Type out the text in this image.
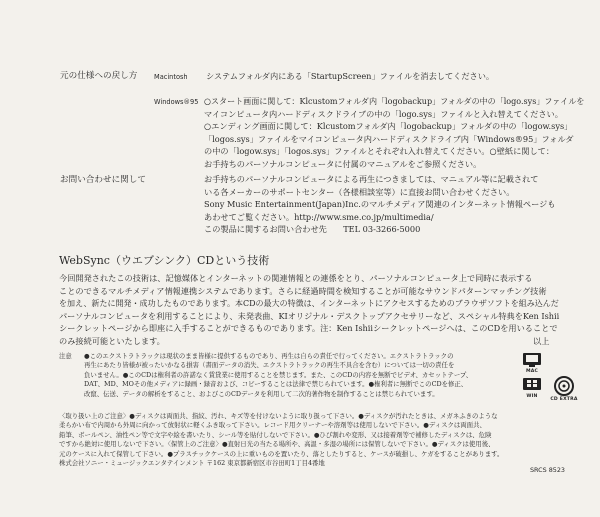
元の仕様への戻し方	Macintosh システムフォルダ内にある「StartupScreen」ファイルを消去してください。
Windows®95 ○スタート画面に関して：Klcustomフォルダ内「logobackup」フォルダの中の「logo.sys」ファイルを
マイコンピュータ内ハードディスクドライブの中の「logo.sys」ファイルと入れ替えてください。
○エンディング画面に関して：Klcustomフォルダ内「logobackup」フォルダの中の「logow.sys」
「logos.sys」ファイルをマイコンピュータ内ハードディスクドライブ内「Windows®95」フォルダ
の中の「logow.sys」「logos.sys」ファイルとそれぞれ入れ替えてください。○壁紙に関して：
お手持ちのパーソナルコンピュータに付属のマニュアルをご参照ください。
お問い合わせに関して	お手持ちのパーソナルコンピュータによる再生につきましては、マニュアル等に記載されて
いる各メーカーのサポートセンター（各様相談室等）に直接お問い合わせください。
Sony Music Entertainment(Japan)Inc.のマルチメディア関連のインターネット情報ページも
あわせてご覧ください。http://www.sme.co.jp/multimedia/
この製品に関するお問い合わせ先　　TEL 03-3266-5000
WebSync（ウエブシンク）CDという技術
今回開発されたこの技術は、記憶媒体とインターネットの関連情報との連係をとり、パーソナルコンピュータ上で同時に表示する
ことのできるマルチメディア情報連携システムであります。さらに経過時間を検知することが可能なサウンドパターンマッチング技術
を加え、新たに開発・成功したものであります。本CDの最大の特徴は、インターネットにアクセスするためのブラウザソフトを組み込んだ
パーソナルコンピュータを利用することにより、未発表曲、KIオリジナル・デスクトップアクセサリーなど、スペシャル特典をKen Ishii
シークレットページから即座に入手することができるものであります。注：Ken Ishiiシークレットページへは、このCDを用いることで
のみ接続可能といたします。	以上
注意 ●このエクストラトラックは現状のまま皆様に提供するものであり、再生は自らの責任で行ってください。エクストラトラックの
再生にあたり皆様が被ったいかなる損害（書面データの消失、エクストラトラックの再生不具合を含む）については一切の責任を
負いません。●このCDは権利者の許諾なく賃貸業に使用することを禁じます。また、このCDの内容を無断でビデオ、カセットテープ、
DAT、MD、MOその他メディアに録画・録音および、コピーすることは法律で禁じられています。●権利者に無断でこのCDを修正、
改竄、伝送、データの解析をすること、およびこのCDデータを利用して二次的著作物を制作することは禁じられています。
MAC
WIN
CD EXTRA
〈取り扱い上のご注意〉●ディスクは両面共、指紋、汚れ、キズ等を付けないように取り扱って下さい。●ディスクが汚れたときは、メガネふきのような
柔らかい布で内周から外周に向かって放射状に軽くふき取って下さい。レコード用クリーナーや溶剤等は使用しないで下さい。●ディスクは両面共、
鉛筆、ボールペン、油性ペン等で文字や絵を書いたり、シール等を貼付しないで下さい。●ひび割れや変形、又は接着剤等で補修したディスクは、危険
ですから絶対に使用しないで下さい。〈保管上のご注意〉●直射日光の当たる場所や、高温・多湿の場所には保管しないで下さい。●ディスクは使用後、
元のケースに入れて保管して下さい。●プラスチックケースの上に重いものを置いたり、落としたりすると、ケースが破損し、ケガをすることがあります。
株式会社ソニー・ミュージックエンタテインメント 〒162 東京都新宿区市谷田町1丁目4番地
SRCS 8523
